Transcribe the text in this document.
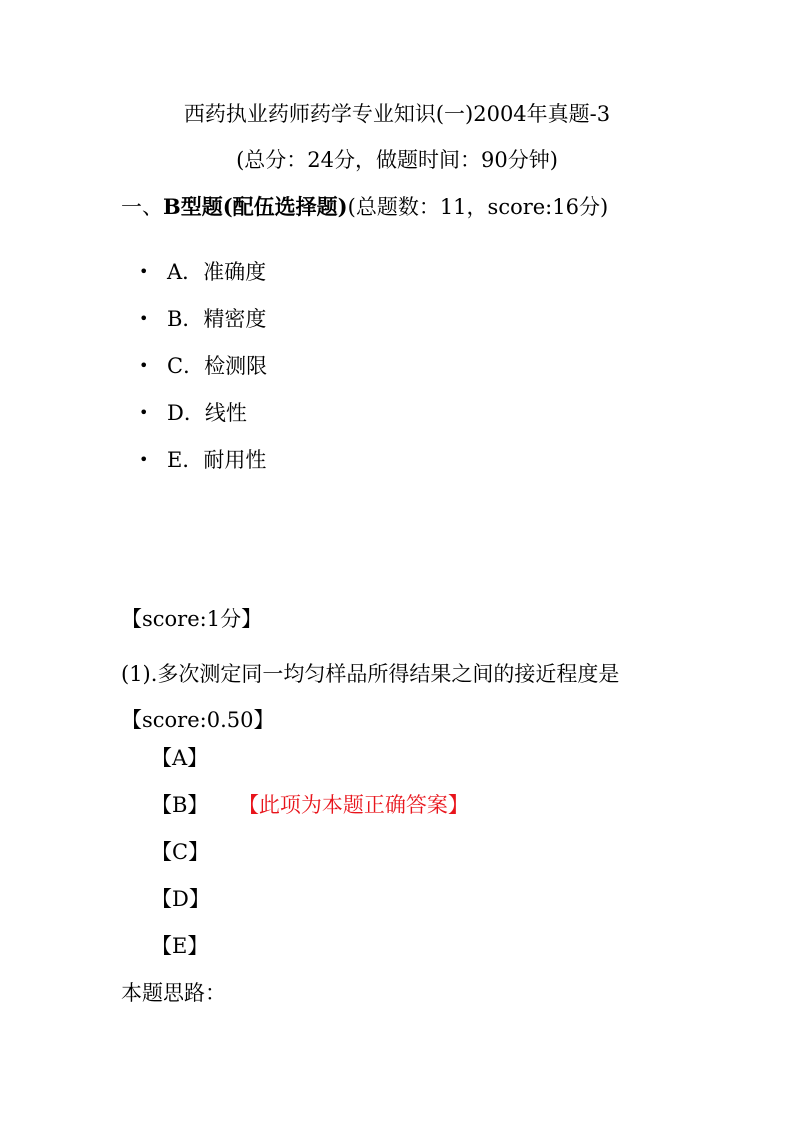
西药执业药师药学专业知识(一)2004年真题-3
(总分：24分，做题时间：90分钟)
一、B型题(配伍选择题)(总题数：11，score:16分)
• A．准确度
• B．精密度
• C．检测限
• D．线性
• E．耐用性
【score:1分】

(1).多次测定同一均匀样品所得结果之间的接近程度是【score:0.50】

【A】
【B】 【此项为本题正确答案】
【C】
【D】
【E】
本题思路：
